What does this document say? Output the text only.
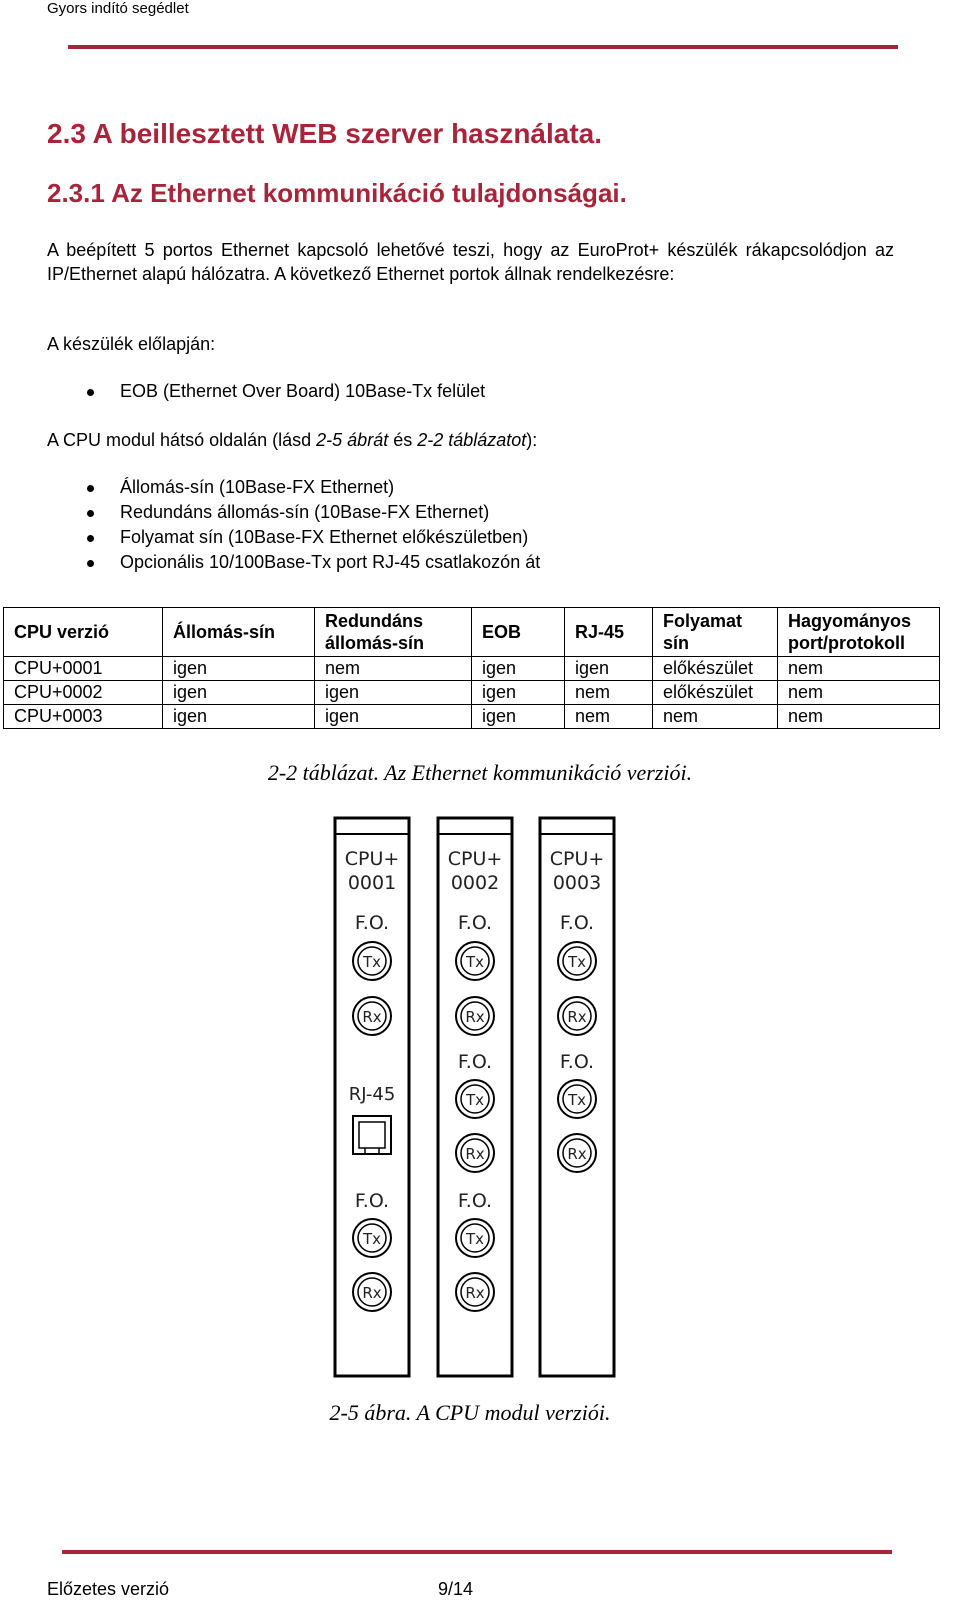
Gyors indító segédlet
2.3 A beillesztett WEB szerver használata.
2.3.1 Az Ethernet kommunikáció tulajdonságai.
A beépített 5 portos Ethernet kapcsoló lehetővé teszi, hogy az EuroProt+ készülék rákapcsolódjon az IP/Ethernet alapú hálózatra. A következő Ethernet portok állnak rendelkezésre:
A készülék előlapján:
EOB (Ethernet Over Board) 10Base-Tx felület
A CPU modul hátsó oldalán (lásd 2-5 ábrát és 2-2 táblázatot):
Állomás-sín (10Base-FX Ethernet)
Redundáns állomás-sín (10Base-FX Ethernet)
Folyamat sín (10Base-FX Ethernet előkészületben)
Opcionális 10/100Base-Tx port RJ-45 csatlakozón át
CPU verzió	Állomás-sín	Redundáns állomás-sín	EOB	RJ-45	Folyamat sín	Hagyományos port/protokoll
CPU+0001	igen	nem	igen	igen	előkészület	nem
CPU+0002	igen	igen	igen	nem	előkészület	nem
CPU+0003	igen	igen	igen	nem	nem	nem
2-2 táblázat. Az Ethernet kommunikáció verziói.
CPU+
0001
F.O.
Tx
Rx
RJ-45
F.O.
Tx
Rx
CPU+
0002
F.O.
Tx
Rx
F.O.
Tx
Rx
F.O.
Tx
Rx
CPU+
0003
F.O.
Tx
Rx
F.O.
Tx
Rx
2-5 ábra. A CPU modul verziói.
Előzetes verzió	9/14
